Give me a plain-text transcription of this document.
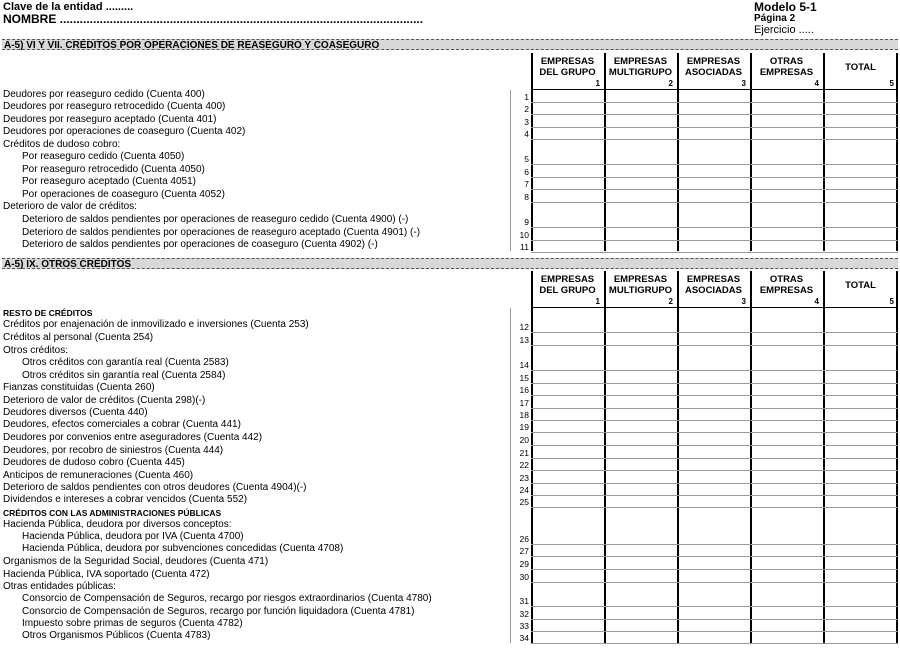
Clave de la entidad .........
NOMBRE .............................................................................................................
Modelo 5-1
Página 2
Ejercicio .....
A-5) VI Y VII. CRÉDITOS POR OPERACIONES DE REASEGURO Y COASEGURO
EMPRESAS
DEL GRUPO
1
EMPRESAS
MULTIGRUPO
2
EMPRESAS
ASOCIADAS
3
OTRAS
EMPRESAS
4
TOTAL
5
Deudores por reaseguro cedido (Cuenta 400)	1
Deudores por reaseguro retrocedido (Cuenta 400)	2
Deudores por reaseguro aceptado (Cuenta 401)	3
Deudores por operaciones de coaseguro (Cuenta 402)	4
Créditos de dudoso cobro:
Por reaseguro cedido (Cuenta 4050)	5
Por reaseguro retrocedido (Cuenta 4050)	6
Por reaseguro aceptado (Cuenta 4051)	7
Por operaciones de coaseguro (Cuenta 4052)	8
Deterioro de valor de créditos:
Deterioro de saldos pendientes por operaciones de reaseguro cedido (Cuenta 4900) (-)	9
Deterioro de saldos pendientes por operaciones de reaseguro aceptado (Cuenta 4901) (-)	10
Deterioro de saldos pendientes por operaciones de coaseguro (Cuenta 4902) (-)	11
A-5) IX. OTROS CRÉDITOS
EMPRESAS
DEL GRUPO
1
EMPRESAS
MULTIGRUPO
2
EMPRESAS
ASOCIADAS
3
OTRAS
EMPRESAS
4
TOTAL
5
RESTO DE CRÉDITOS
Créditos por enajenación de inmovilizado e inversiones (Cuenta 253)	12
Créditos al personal (Cuenta 254)	13
Otros créditos:
Otros créditos con garantía real (Cuenta 2583)	14
Otros créditos sin garantía real (Cuenta 2584)	15
Fianzas constituidas (Cuenta 260)	16
Deterioro de valor de créditos (Cuenta 298)(-)	17
Deudores diversos (Cuenta 440)	18
Deudores, efectos comerciales a cobrar (Cuenta 441)	19
Deudores por convenios entre aseguradores (Cuenta 442)	20
Deudores, por recobro de siniestros (Cuenta 444)	21
Deudores de dudoso cobro (Cuenta 445)	22
Anticipos de remuneraciones (Cuenta 460)	23
Deterioro de saldos pendientes con otros deudores (Cuenta 4904)(-)	24
Dividendos e intereses a cobrar vencidos (Cuenta 552)	25
CRÉDITOS CON LAS ADMINISTRACIONES PÚBLICAS
Hacienda Pública, deudora por diversos conceptos:
Hacienda Pública, deudora por IVA (Cuenta 4700)	26
Hacienda Pública, deudora por subvenciones concedidas (Cuenta 4708)	27
Organismos de la Seguridad Social, deudores (Cuenta 471)	29
Hacienda Pública, IVA soportado (Cuenta 472)	30
Otras entidades públicas:
Consorcio de Compensación de Seguros, recargo por riesgos extraordinarios (Cuenta 4780)	31
Consorcio de Compensación de Seguros, recargo por función liquidadora (Cuenta 4781)	32
Impuesto sobre primas de seguros (Cuenta 4782)	33
Otros Organismos Públicos (Cuenta 4783)	34
